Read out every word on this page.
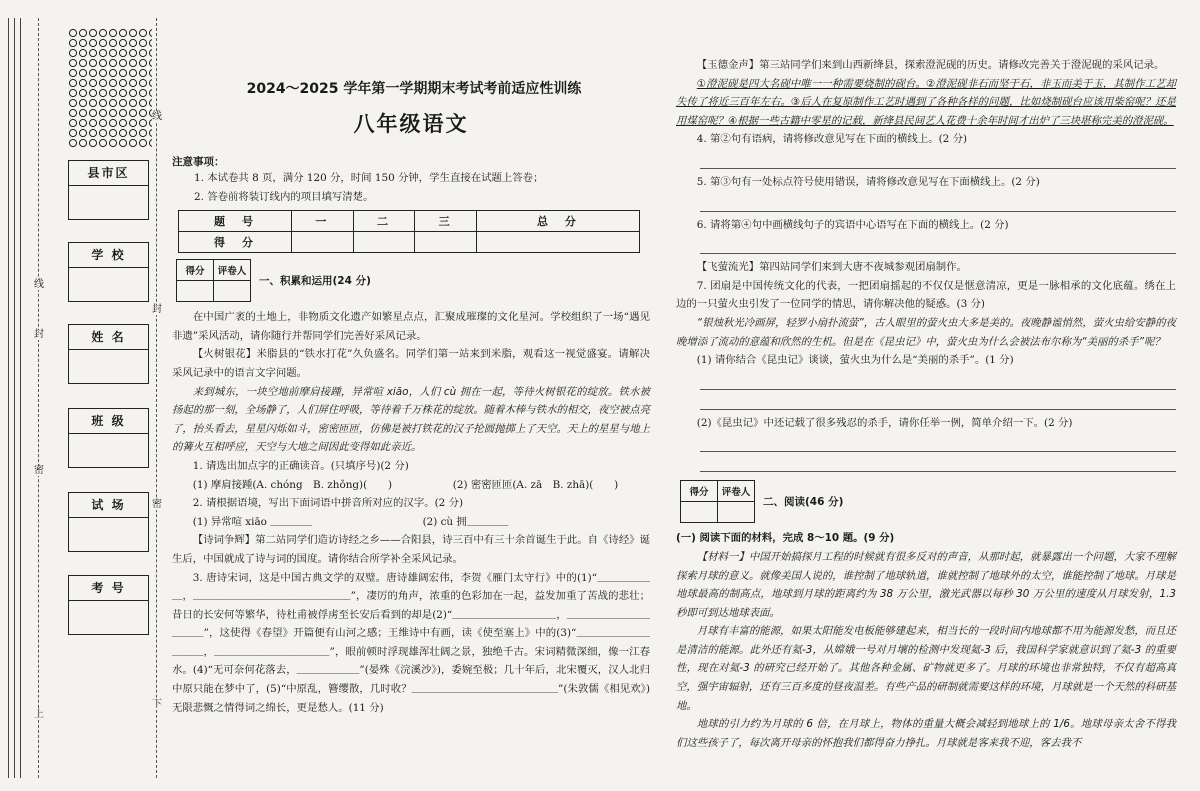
线
封
密
上
线
封
密
下
县市区
学 校
姓 名
班 级
试 场
考 号
2024～2025 学年第一学期期末考试考前适应性训练
八年级语文
注意事项：
1. 本试卷共 8 页，满分 120 分，时间 150 分钟，学生直接在试题上答卷；
2. 答卷前将装订线内的项目填写清楚。
题　号	一	二	三	总　分
得　分				
得分	评卷人

一、积累和运用(24 分)
在中国广袤的土地上，非物质文化遗产如繁星点点，汇聚成璀璨的文化星河。学校组织了一场“遇见非遗”采风活动，请你随行并帮同学们完善好采风记录。
【火树银花】米脂县的“铁水打花”久负盛名。同学们第一站来到米脂，观看这一视觉盛宴。请解决采风记录中的语言文字问题。
来到城东，一块空地前摩肩接踵，异常喧 xiāo，人们 cù 拥在一起，等待火树银花的绽放。铁水被扬起的那一刻，全场静了，人们屏住呼吸，等待着千万株花的绽放。随着木棒与铁水的相交，夜空被点亮了，抬头看去，星星闪烁如斗，密密匝匝，仿佛是被打铁花的汉子抡圆抛掷上了天空。天上的星星与地上的篝火互相呼应，天空与大地之间因此变得如此亲近。
1. 请选出加点字的正确读音。(只填序号)(2 分)
(1) 摩肩接踵(A. chóng　B. zhǒng)(　　)	(2) 密密匝匝(A. zā　B. zhā)(　　)
2. 请根据语境，写出下面词语中拼音所对应的汉字。(2 分)
(1) 异常喧 xiāo ＿＿＿＿	(2) cù 拥＿＿＿＿
【诗词争辉】第二站同学们造访诗经之乡——合阳县，诗三百中有三十余首诞生于此。自《诗经》诞生后，中国就成了诗与词的国度。请你结合所学补全采风记录。
3. 唐诗宋词，这是中国古典文学的双璧。唐诗雄阔宏伟，李贺《雁门太守行》中的(1)“＿＿＿＿＿＿，＿＿＿＿＿＿＿＿＿＿＿＿＿＿＿”，凄厉的角声，浓重的色彩加在一起，益发加重了苦战的悲壮；昔日的长安何等繁华，待杜甫被俘虏至长安后看到的却是(2)“＿＿＿＿＿＿＿＿＿＿，＿＿＿＿＿＿＿＿＿＿＿”，这使得《春望》开篇便有山河之感；王维诗中有画，读《使至塞上》中的(3)“＿＿＿＿＿＿＿＿＿＿，＿＿＿＿＿＿＿＿＿＿＿”，眼前顿时浮现雄浑壮阔之景，独绝千古。宋词精微深细，像一江春水。(4)“无可奈何花落去，＿＿＿＿＿＿”(晏殊《浣溪沙》)，委婉至极；几十年后，北宋覆灭，汉人北归中原只能在梦中了，(5)“中原乱，簪缨散，几时收？＿＿＿＿＿＿＿＿＿＿＿＿＿＿”(朱敦儒《相见欢》)无限悲慨之情得词之绵长，更是愁人。(11 分)
【玉德金声】第三站同学们来到山西新绛县，探索澄泥砚的历史。请修改完善关于澄泥砚的采风记录。
①澄泥砚是四大名砚中唯一一种需要烧制的砚台。②澄泥砚非石而坚于石，非玉而美于玉，其制作工艺却失传了将近三百年左右。③后人在复原制作工艺时遇到了各种各样的问题，比如烧制砚台应该用柴窑呢？还是用煤窑呢？④根据一些古籍中零星的记载，新绛县民间艺人花费十余年时间才出炉了三块堪称完美的澄泥砚。
4. 第②句有语病，请将修改意见写在下面的横线上。(2 分)
5. 第③句有一处标点符号使用错误，请将修改意见写在下面横线上。(2 分)
6. 请将第④句中画横线句子的宾语中心语写在下面的横线上。(2 分)
【飞萤流光】第四站同学们来到大唐不夜城参观团扇制作。
7. 团扇是中国传统文化的代表，一把团扇摇起的不仅仅是惬意清凉，更是一脉相承的文化底蕴。绣在上边的一只萤火虫引发了一位同学的情思，请你解决他的疑惑。(3 分)
“银烛秋光冷画屏，轻罗小扇扑流萤”，古人眼里的萤火虫大多是美的。夜晚静谧悄然，萤火虫给安静的夜晚增添了流动的意蕴和欣然的生机。但是在《昆虫记》中，萤火虫为什么会被法布尔称为“美丽的杀手”呢？
(1) 请你结合《昆虫记》谈谈，萤火虫为什么是“美丽的杀手”。(1 分)
(2)《昆虫记》中还记载了很多残忍的杀手，请你任举一例，简单介绍一下。(2 分)
得分	评卷人

二、阅读(46 分)
(一) 阅读下面的材料，完成 8～10 题。(9 分)
【材料一】中国开始搞探月工程的时候就有很多反对的声音，从那时起，就暴露出一个问题，大家不理解探索月球的意义。就像美国人说的，谁控制了地球轨道，谁就控制了地球外的太空，谁能控制了地球。月球是地球最高的制高点，地球到月球的距离约为 38 万公里，激光武器以每秒 30 万公里的速度从月球发射，1.3 秒即可到达地球表面。
月球有丰富的能源，如果太阳能发电板能够建起来，相当长的一段时间内地球都不用为能源发愁，而且还是清洁的能源。此外还有氦-3，从嫦娥一号对月壤的检测中发现氦-3 后，我国科学家就意识到了氦-3 的重要性，现在对氦-3 的研究已经开始了。其他各种金属、矿物就更多了。月球的环境也非常独特，不仅有超高真空，强宇宙辐射，还有三百多度的昼夜温差。有些产品的研制就需要这样的环境，月球就是一个天然的科研基地。
地球的引力约为月球的 6 倍，在月球上，物体的重量大概会减轻到地球上的 1/6。地球母亲太舍不得我们这些孩子了，每次离开母亲的怀抱我们都得奋力挣扎。月球就是客来我不迎，客去我不
